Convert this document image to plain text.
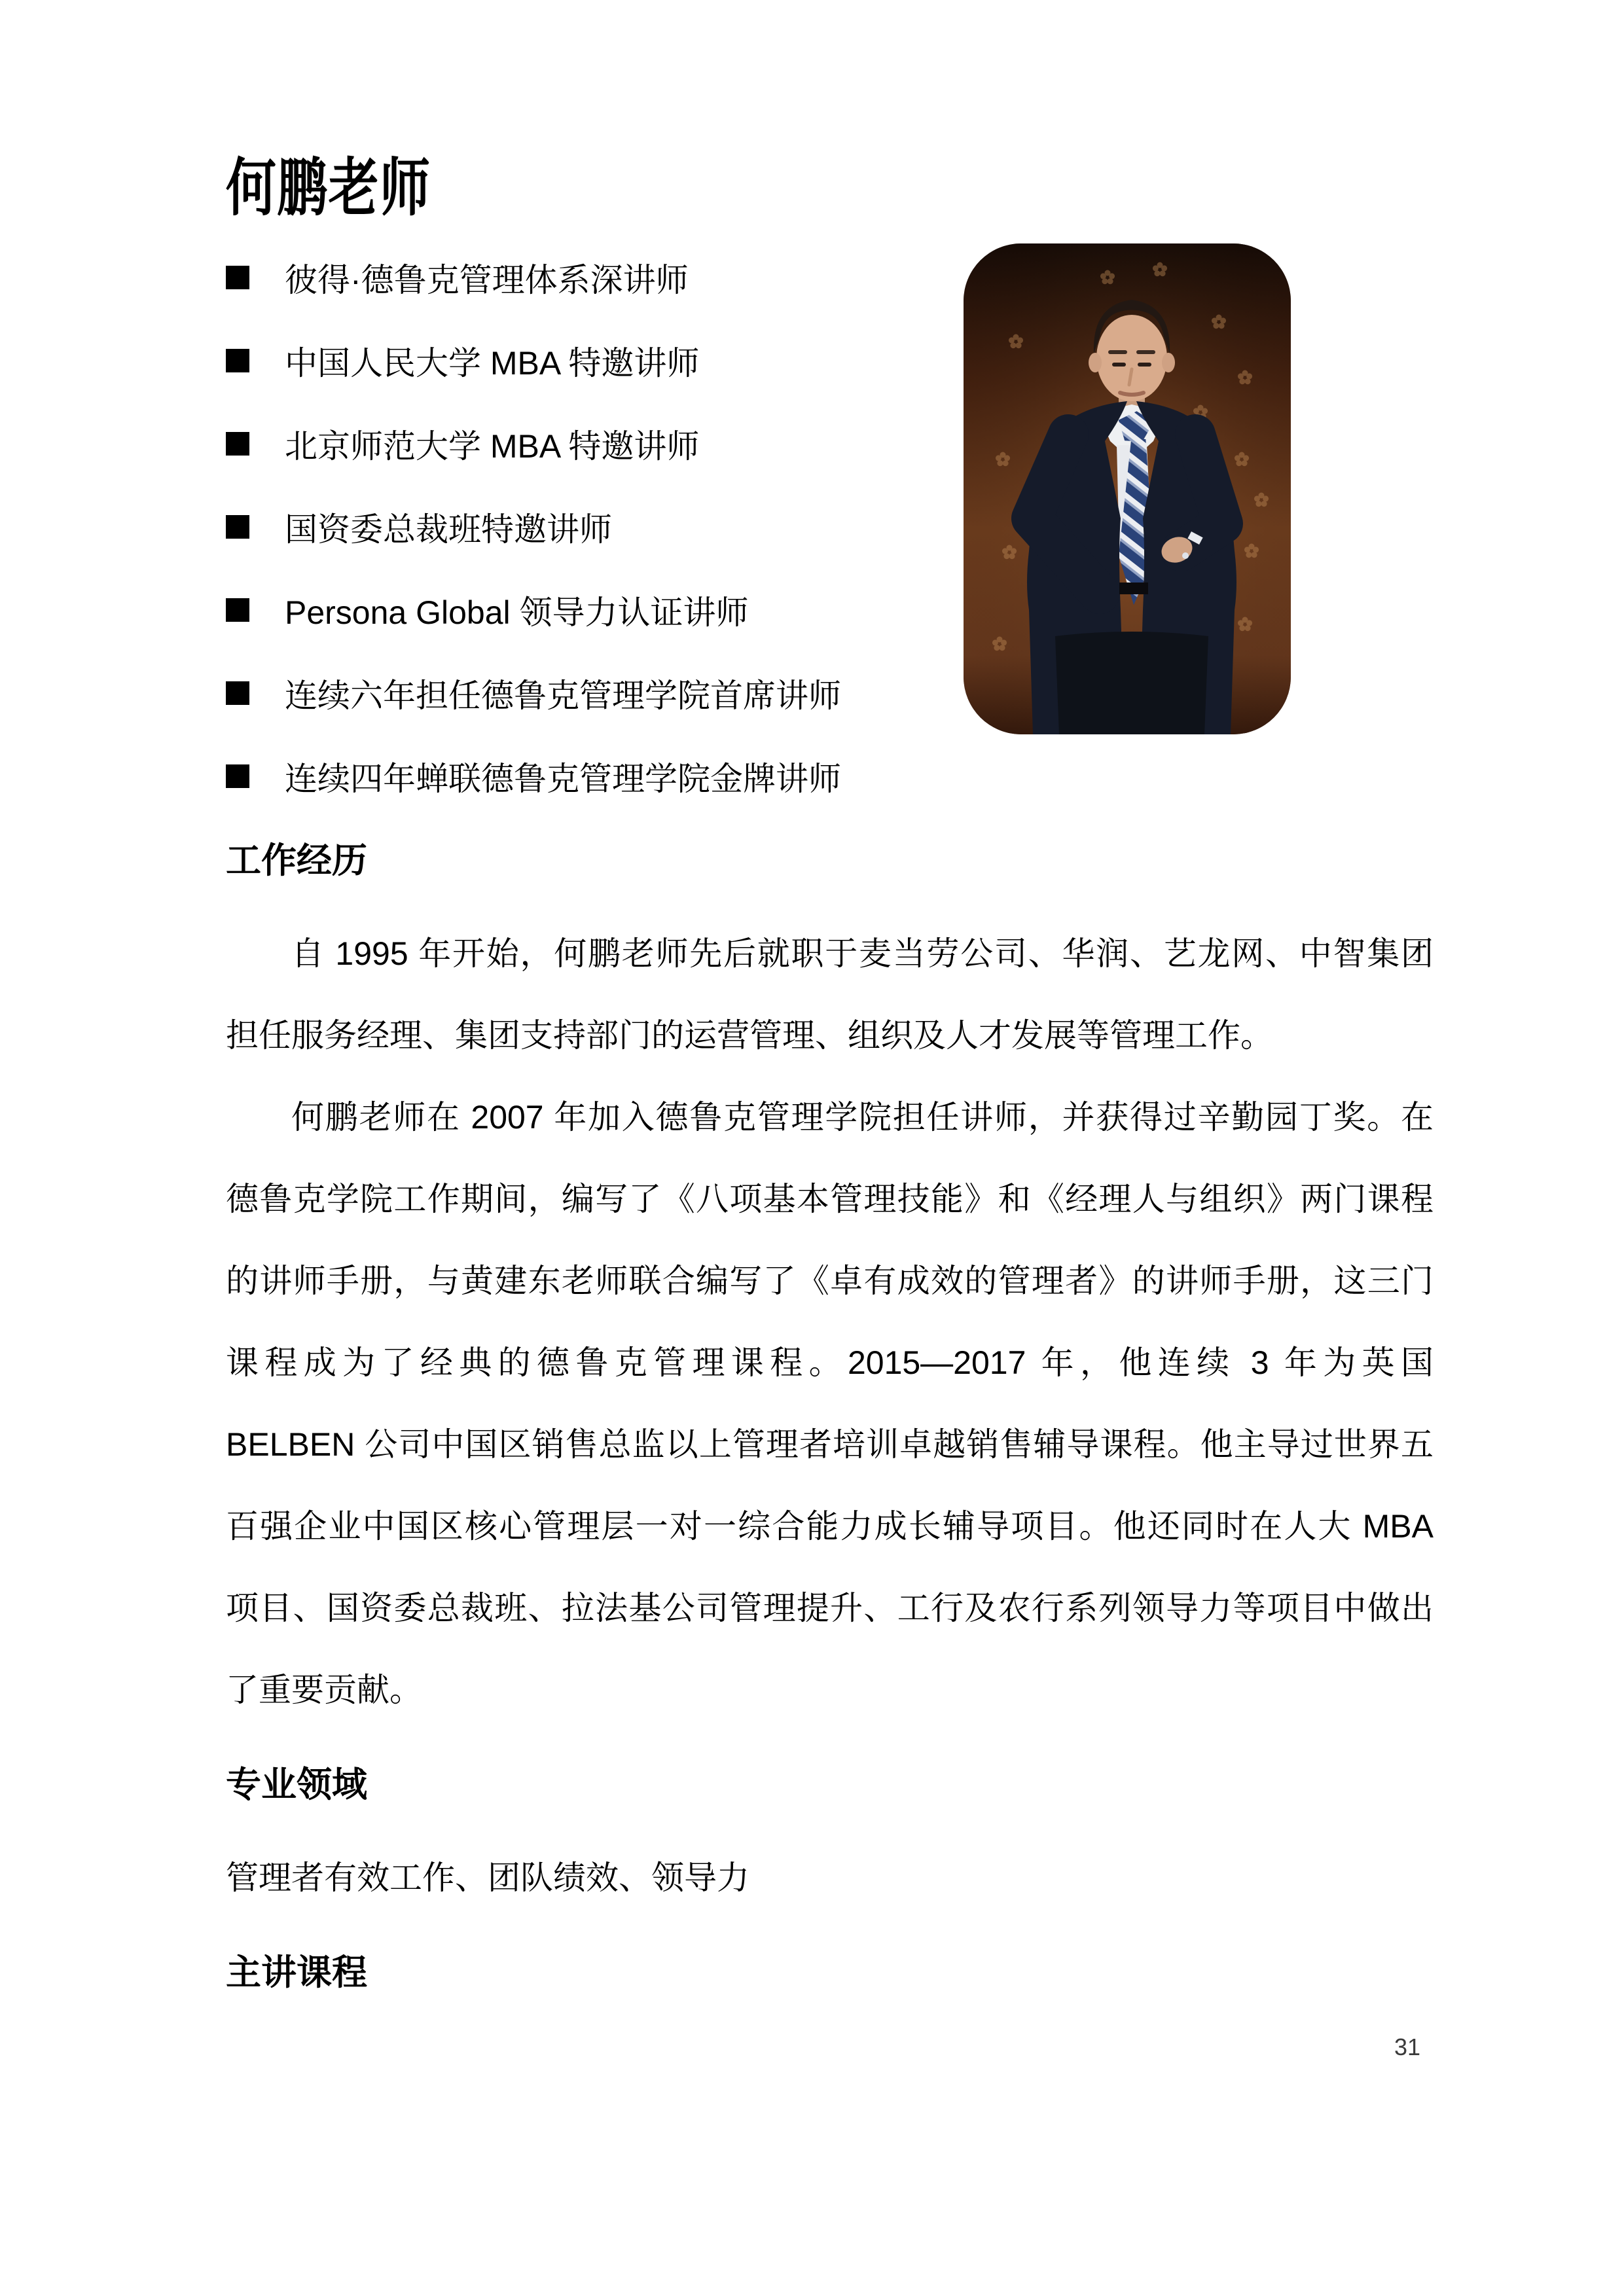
何鹏老师
彼得·德鲁克管理体系深讲师
中国人民大学 MBA 特邀讲师
北京师范大学 MBA 特邀讲师
国资委总裁班特邀讲师
Persona Global 领导力认证讲师
连续六年担任德鲁克管理学院首席讲师
连续四年蝉联德鲁克管理学院金牌讲师
工作经历
自 1995 年开始，何鹏老师先后就职于麦当劳公司、华润、艺龙网、中智集团
担任服务经理、集团支持部门的运营管理、组织及人才发展等管理工作。
何鹏老师在 2007 年加入德鲁克管理学院担任讲师，并获得过辛勤园丁奖。在
德鲁克学院工作期间，编写了《八项基本管理技能》和《经理人与组织》两门课程
的讲师手册，与黄建东老师联合编写了《卓有成效的管理者》的讲师手册，这三门
课程成为了经典的德鲁克管理课程。2015—2017 年，他连续 3 年为英国
BELBEN 公司中国区销售总监以上管理者培训卓越销售辅导课程。他主导过世界五
百强企业中国区核心管理层一对一综合能力成长辅导项目。他还同时在人大 MBA
项目、国资委总裁班、拉法基公司管理提升、工行及农行系列领导力等项目中做出
了重要贡献。
专业领域
管理者有效工作、团队绩效、领导力
主讲课程
31
